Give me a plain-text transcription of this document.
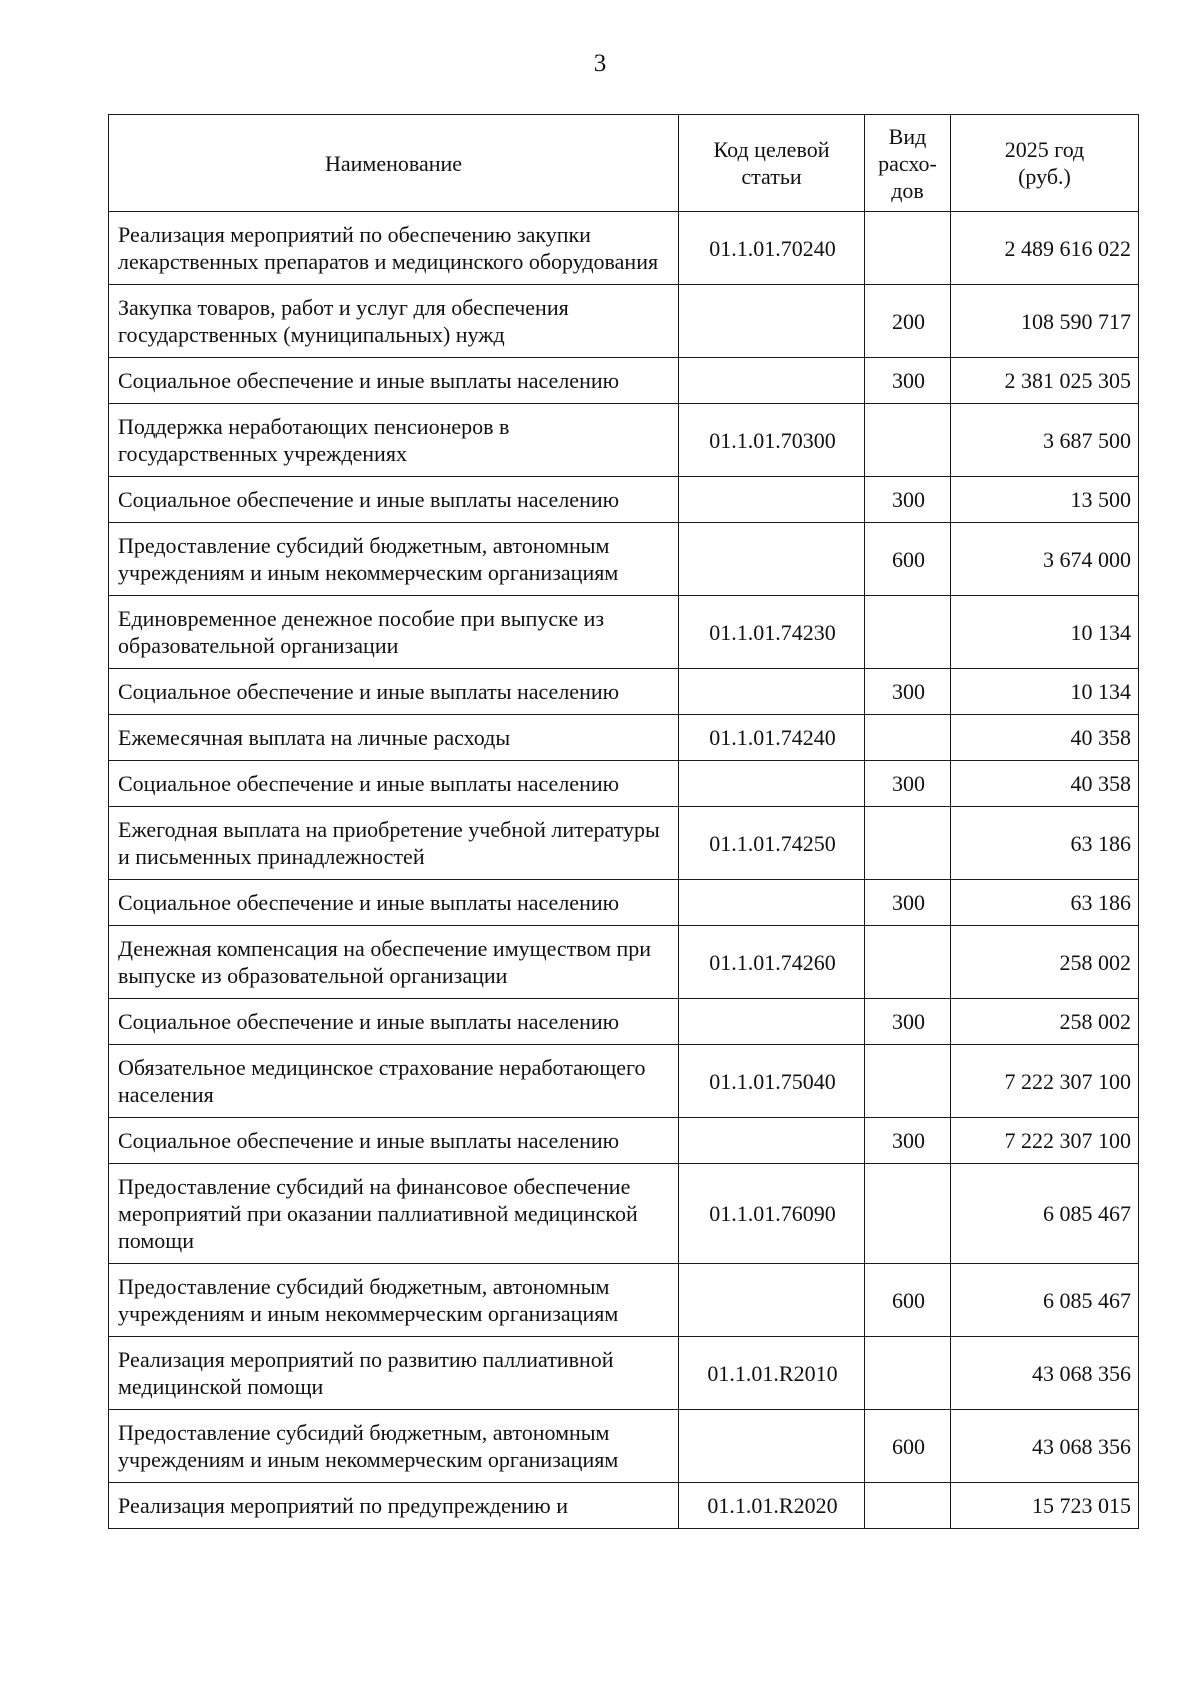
3
Наименование	Код целевой статьи	Вид расхо-дов	2025 год (руб.)
Реализация мероприятий по обеспечению закупки лекарственных препаратов и медицинского оборудования	01.1.01.70240		2 489 616 022
Закупка товаров, работ и услуг для обеспечения государственных (муниципальных) нужд		200	108 590 717
Социальное обеспечение и иные выплаты населению		300	2 381 025 305
Поддержка неработающих пенсионеров в государственных учреждениях	01.1.01.70300		3 687 500
Социальное обеспечение и иные выплаты населению		300	13 500
Предоставление субсидий бюджетным, автономным учреждениям и иным некоммерческим организациям		600	3 674 000
Единовременное денежное пособие при выпуске из образовательной организации	01.1.01.74230		10 134
Социальное обеспечение и иные выплаты населению		300	10 134
Ежемесячная выплата на личные расходы	01.1.01.74240		40 358
Социальное обеспечение и иные выплаты населению		300	40 358
Ежегодная выплата на приобретение учебной литературы и письменных принадлежностей	01.1.01.74250		63 186
Социальное обеспечение и иные выплаты населению		300	63 186
Денежная компенсация на обеспечение имуществом при выпуске из образовательной организации	01.1.01.74260		258 002
Социальное обеспечение и иные выплаты населению		300	258 002
Обязательное медицинское страхование неработающего населения	01.1.01.75040		7 222 307 100
Социальное обеспечение и иные выплаты населению		300	7 222 307 100
Предоставление субсидий на финансовое обеспечение мероприятий при оказании паллиативной медицинской помощи	01.1.01.76090		6 085 467
Предоставление субсидий бюджетным, автономным учреждениям и иным некоммерческим организациям		600	6 085 467
Реализация мероприятий по развитию паллиативной медицинской помощи	01.1.01.R2010		43 068 356
Предоставление субсидий бюджетным, автономным учреждениям и иным некоммерческим организациям		600	43 068 356
Реализация мероприятий по предупреждению и	01.1.01.R2020		15 723 015
